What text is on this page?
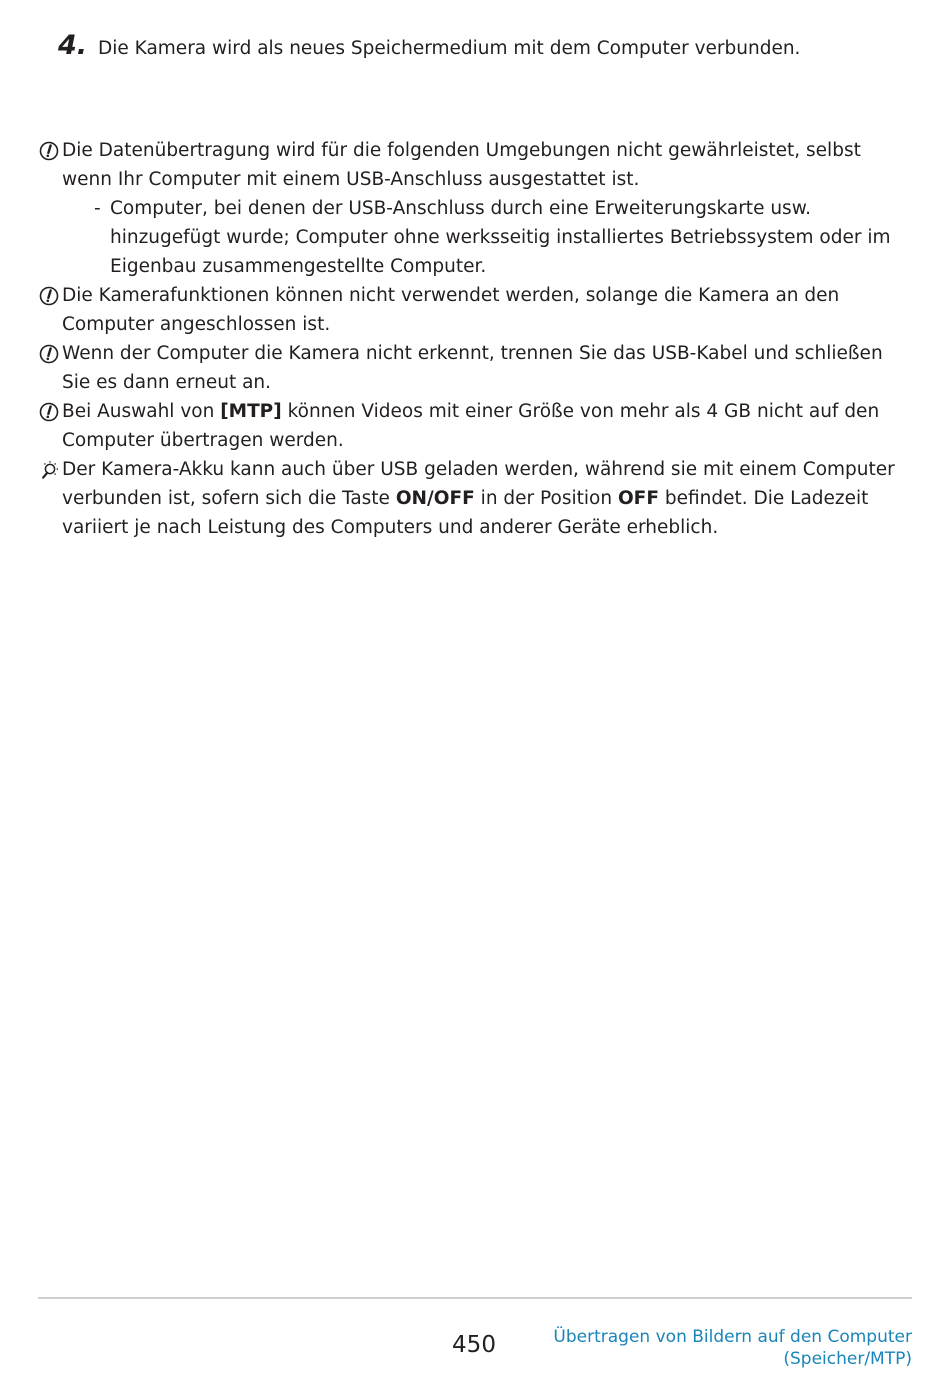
4. Die Kamera wird als neues Speichermedium mit dem Computer verbunden.
Die Datenübertragung wird für die folgenden Umgebungen nicht gewährleistet, selbst wenn Ihr Computer mit einem USB-Anschluss ausgestattet ist.
- Computer, bei denen der USB-Anschluss durch eine Erweiterungskarte usw. hinzugefügt wurde; Computer ohne werksseitig installiertes Betriebssystem oder im Eigenbau zusammengestellte Computer.
Die Kamerafunktionen können nicht verwendet werden, solange die Kamera an den Computer angeschlossen ist.
Wenn der Computer die Kamera nicht erkennt, trennen Sie das USB-Kabel und schließen Sie es dann erneut an.
Bei Auswahl von [MTP] können Videos mit einer Größe von mehr als 4 GB nicht auf den Computer übertragen werden.
Der Kamera-Akku kann auch über USB geladen werden, während sie mit einem Computer verbunden ist, sofern sich die Taste ON/OFF in der Position OFF befindet. Die Ladezeit variiert je nach Leistung des Computers und anderer Geräte erheblich.
450	Übertragen von Bildern auf den Computer
(Speicher/MTP)
